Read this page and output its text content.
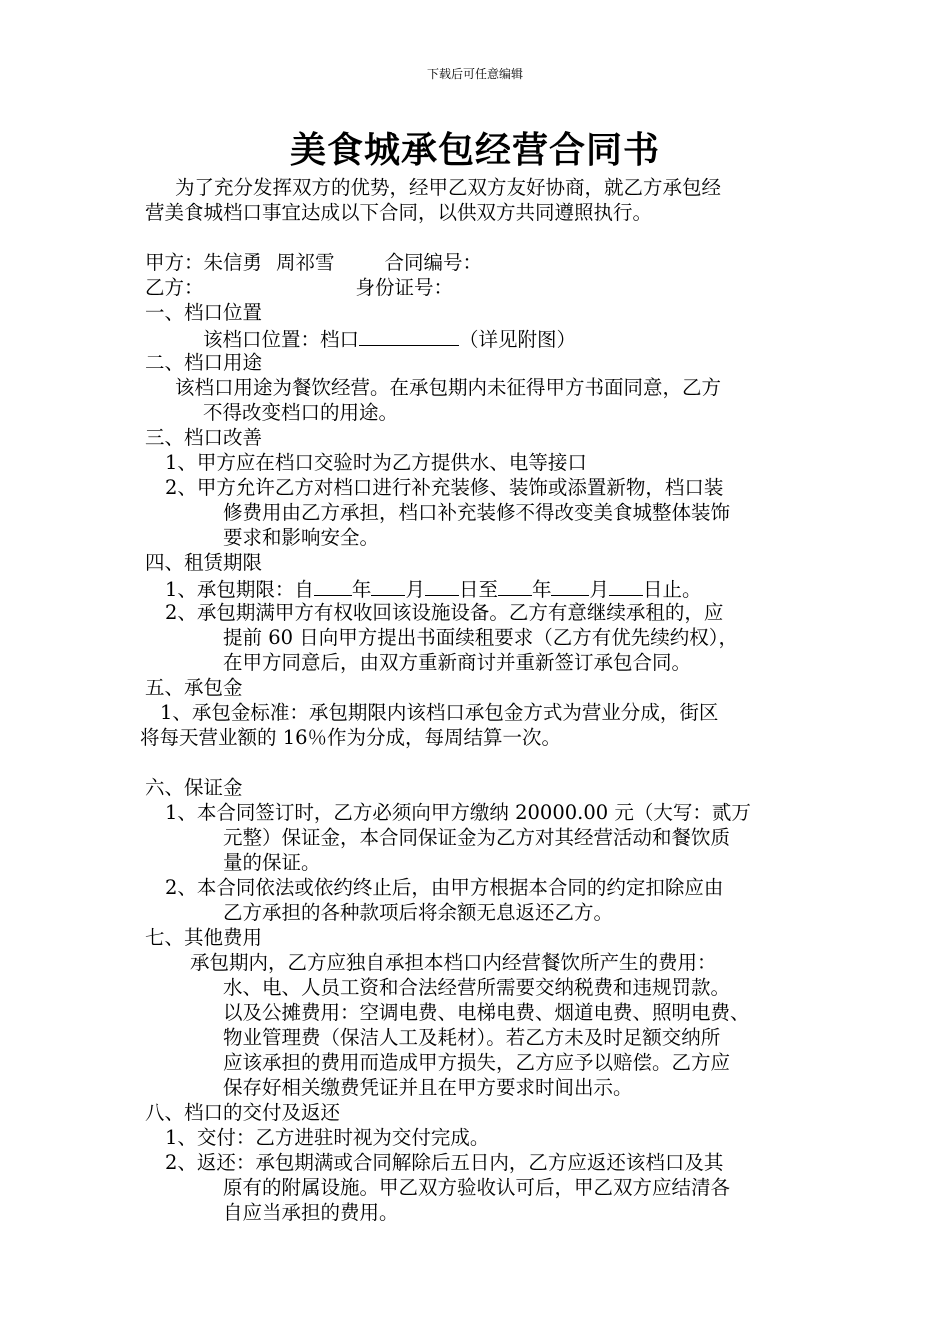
下载后可任意编辑
美食城承包经营合同书
为了充分发挥双方的优势，经甲乙双方友好协商，就乙方承包经
营美食城档口事宜达成以下合同，以供双方共同遵照执行。
甲方：朱信勇 周祁雪	合同编号：
乙方：	身份证号：
一、档口位置
该档口位置：档口	（详见附图）
二、档口用途
该档口用途为餐饮经营。在承包期内未征得甲方书面同意，乙方
不得改变档口的用途。
三、档口改善
1、甲方应在档口交验时为乙方提供水、电等接口
2、甲方允许乙方对档口进行补充装修、装饰或添置新物，档口装
修费用由乙方承担，档口补充装修不得改变美食城整体装饰
要求和影响安全。
四、租赁期限
1、承包期限：自 年 月 日至 年 月 日止。
2、承包期满甲方有权收回该设施设备。乙方有意继续承租的，应
提前 60 日向甲方提出书面续租要求（乙方有优先续约权），
在甲方同意后，由双方重新商讨并重新签订承包合同。
五、承包金
1、承包金标准：承包期限内该档口承包金方式为营业分成，街区
将每天营业额的 16％作为分成，每周结算一次。
六、保证金
1、本合同签订时，乙方必须向甲方缴纳 20000.00 元（大写：贰万
元整）保证金，本合同保证金为乙方对其经营活动和餐饮质
量的保证。
2、本合同依法或依约终止后，由甲方根据本合同的约定扣除应由
乙方承担的各种款项后将余额无息返还乙方。
七、其他费用
承包期内，乙方应独自承担本档口内经营餐饮所产生的费用：
水、电、人员工资和合法经营所需要交纳税费和违规罚款。
以及公摊费用：空调电费、电梯电费、烟道电费、照明电费、
物业管理费（保洁人工及耗材）。若乙方未及时足额交纳所
应该承担的费用而造成甲方损失，乙方应予以赔偿。乙方应
保存好相关缴费凭证并且在甲方要求时间出示。
八、档口的交付及返还
1、交付：乙方进驻时视为交付完成。
2、返还：承包期满或合同解除后五日内，乙方应返还该档口及其
原有的附属设施。甲乙双方验收认可后，甲乙双方应结清各
自应当承担的费用。
